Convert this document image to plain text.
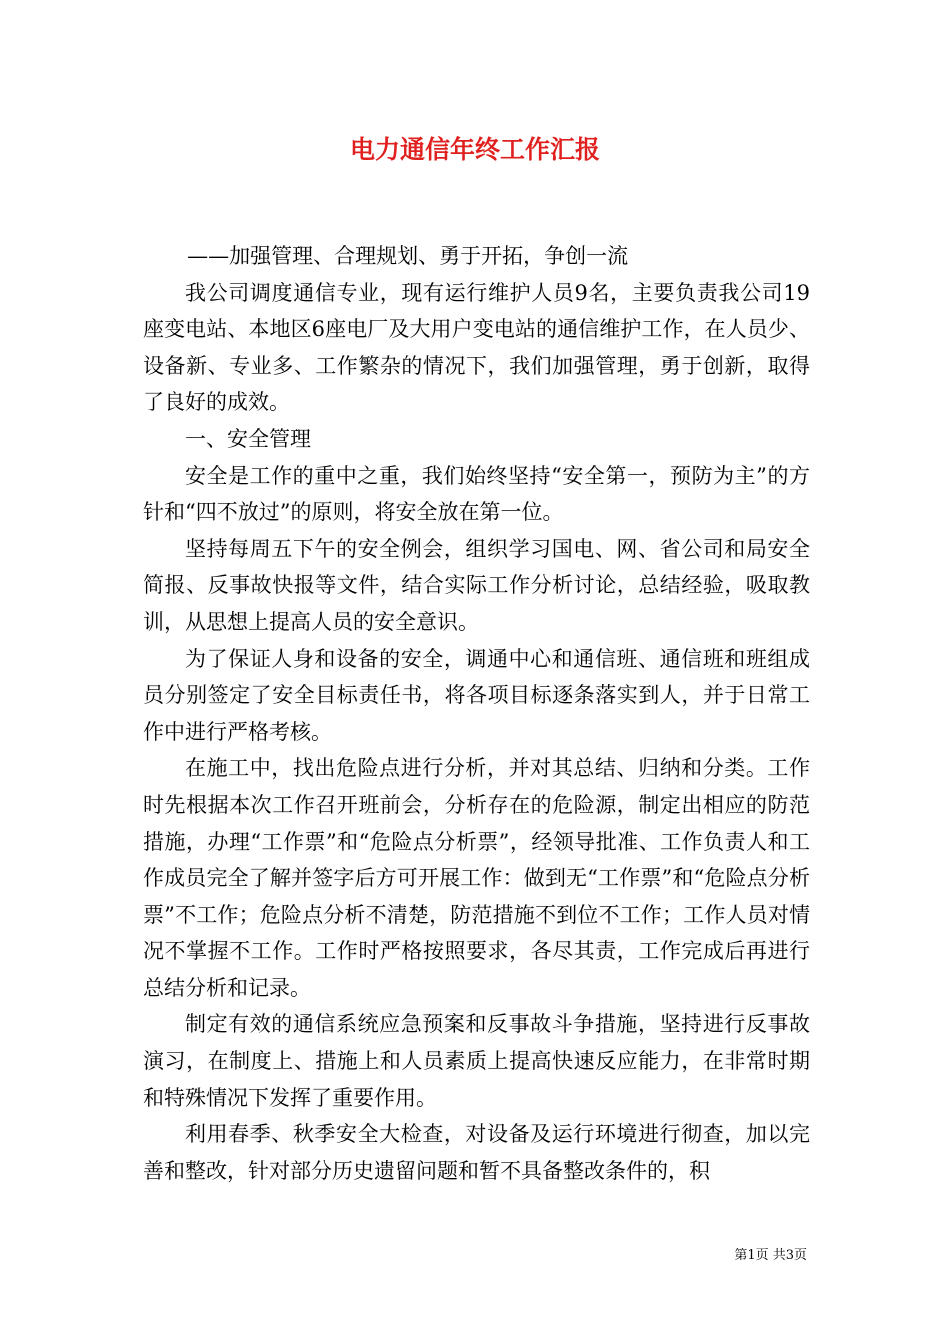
电力通信年终工作汇报

——加强管理、合理规划、勇于开拓，争创一流

我公司调度通信专业，现有运行维护人员9名，主要负责我公司19座变电站、本地区6座电厂及大用户变电站的通信维护工作，在人员少、设备新、专业多、工作繁杂的情况下，我们加强管理，勇于创新，取得了良好的成效。

一、安全管理

安全是工作的重中之重，我们始终坚持“安全第一，预防为主”的方针和“四不放过”的原则，将安全放在第一位。

坚持每周五下午的安全例会，组织学习国电、网、省公司和局安全简报、反事故快报等文件，结合实际工作分析讨论，总结经验，吸取教训，从思想上提高人员的安全意识。

为了保证人身和设备的安全，调通中心和通信班、通信班和班组成员分别签定了安全目标责任书，将各项目标逐条落实到人，并于日常工作中进行严格考核。

在施工中，找出危险点进行分析，并对其总结、归纳和分类。工作时先根据本次工作召开班前会，分析存在的危险源，制定出相应的防范措施，办理“工作票”和“危险点分析票”，经领导批准、工作负责人和工作成员完全了解并签字后方可开展工作：做到无“工作票”和“危险点分析票”不工作；危险点分析不清楚，防范措施不到位不工作；工作人员对情况不掌握不工作。工作时严格按照要求，各尽其责，工作完成后再进行总结分析和记录。

制定有效的通信系统应急预案和反事故斗争措施，坚持进行反事故演习，在制度上、措施上和人员素质上提高快速反应能力，在非常时期和特殊情况下发挥了重要作用。

利用春季、秋季安全大检查，对设备及运行环境进行彻查，加以完善和整改，针对部分历史遗留问题和暂不具备整改条件的，积

第1页 共3页
